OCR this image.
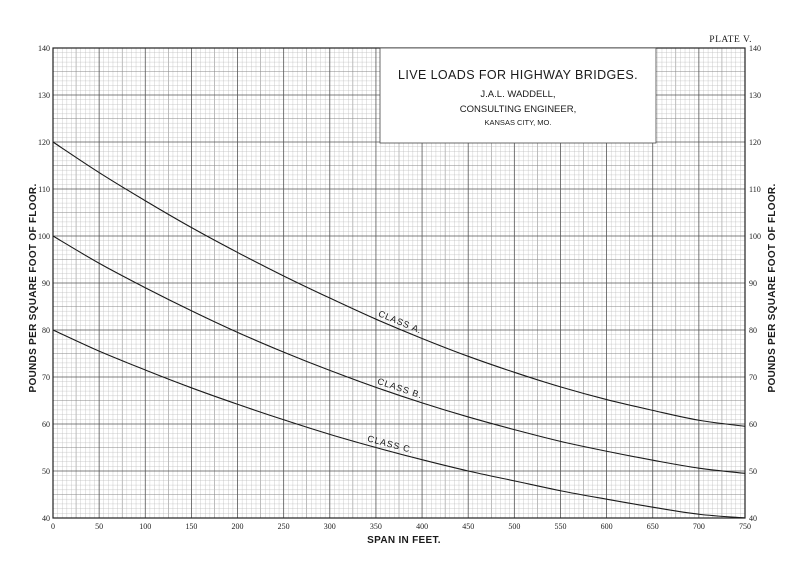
0	50	100	150	200	250	300	350	400	450	500	550	600	650	700	750
40
50
60
70
80
90
100
110
120
130
140
40
50
60
70
80
90
100
110
120
130
140
PLATE V.
LIVE LOADS FOR HIGHWAY BRIDGES.
J.A.L. WADDELL,
CONSULTING ENGINEER,
KANSAS CITY, MO.
SPAN IN FEET.
POUNDS PER SQUARE FOOT OF FLOOR.	POUNDS PER SQUARE FOOT OF FLOOR.
CLASS A.
CLASS B.
CLASS C.
